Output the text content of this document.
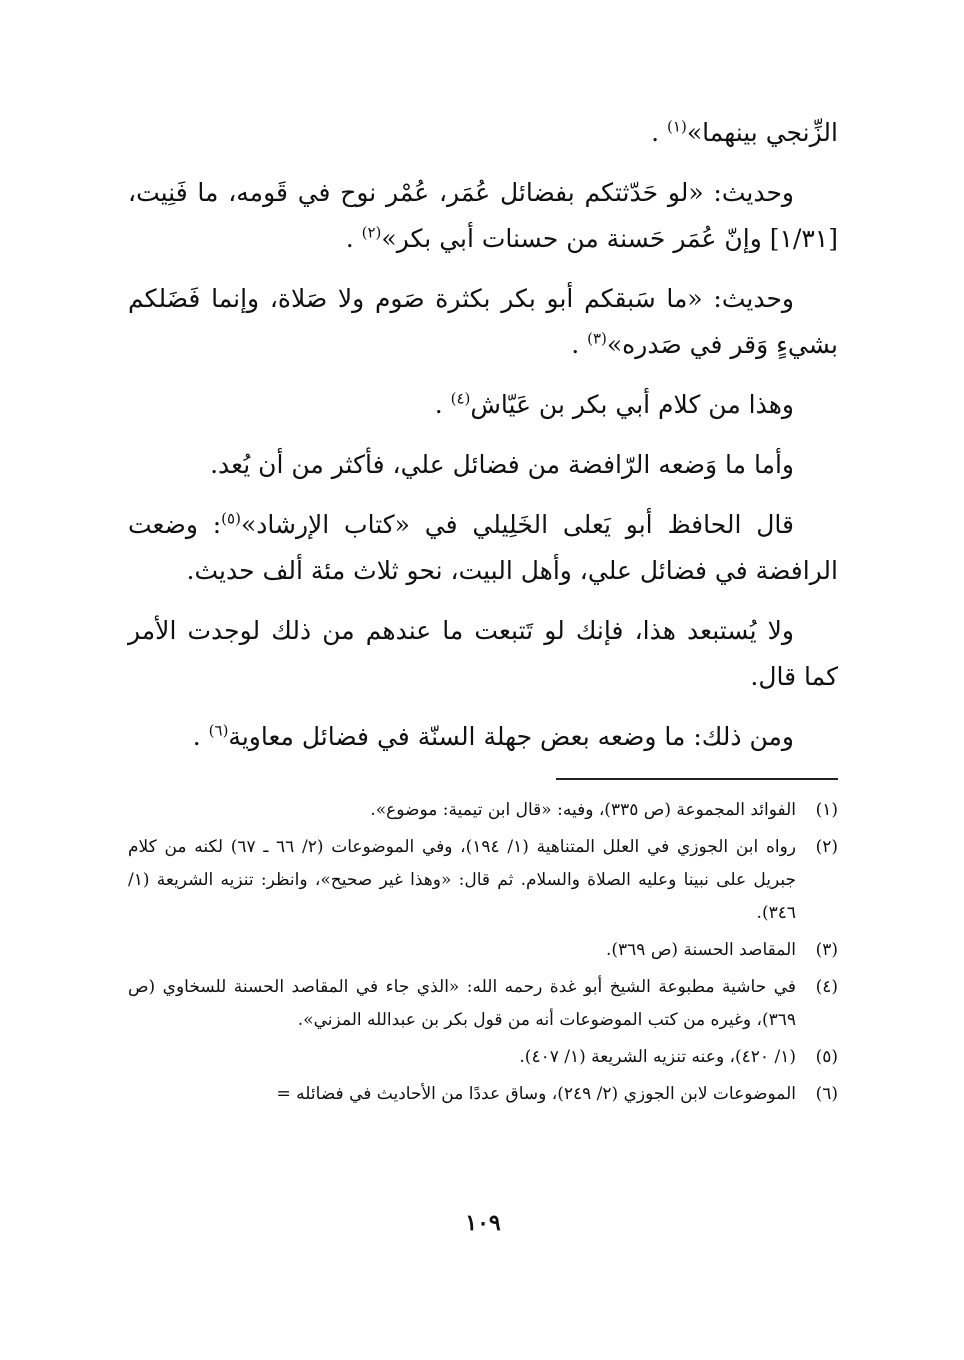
الزِّنجي بينهما»$^{(١)}$ .

وحديث: «لو حَدّثتكم بفضائل عُمَر، عُمْر نوح في قَومه، ما فَنِيت، [١/٣١] وإنّ عُمَر حَسنة من حسنات أبي بكر»$^{(٢)}$ .

وحديث: «ما سَبقكم أبو بكر بكثرة صَوم ولا صَلاة، وإنما فَضَلكم بشيءٍ وَقر في صَدره»$^{(٣)}$ .

وهذا من كلام أبي بكر بن عَيّاش$^{(٤)}$ .

وأما ما وَضعه الرّافضة من فضائل علي، فأكثر من أن يُعد.

قال الحافظ أبو يَعلى الخَلِيلي في «كتاب الإرشاد»$^{(٥)}$: وضعت الرافضة في فضائل علي، وأهل البيت، نحو ثلاث مئة ألف حديث.

ولا يُستبعد هذا، فإنك لو تَتبعت ما عندهم من ذلك لوجدت الأمر كما قال.

ومن ذلك: ما وضعه بعض جهلة السنّة في فضائل معاوية$^{(٦)}$ .

(١)
الفوائد المجموعة (ص ٣٣٥)، وفيه: «قال ابن تيمية: موضوع».
(٢)
رواه ابن الجوزي في العلل المتناهية (١/ ١٩٤)، وفي الموضوعات (٢/ ٦٦ ـ ٦٧) لكنه من كلام جبريل على نبينا وعليه الصلاة والسلام. ثم قال: «وهذا غير صحيح»، وانظر: تنزيه الشريعة (١/ ٣٤٦).
(٣)
المقاصد الحسنة (ص ٣٦٩).
(٤)
في حاشية مطبوعة الشيخ أبو غدة رحمه الله: «الذي جاء في المقاصد الحسنة للسخاوي (ص ٣٦٩)، وغيره من كتب الموضوعات أنه من قول بكر بن عبدالله المزني».
(٥)
(١/ ٤٢٠)، وعنه تنزيه الشريعة (١/ ٤٠٧).
(٦)
الموضوعات لابن الجوزي (٢/ ٢٤٩)، وساق عددًا من الأحاديث في فضائله =
١٠٩
